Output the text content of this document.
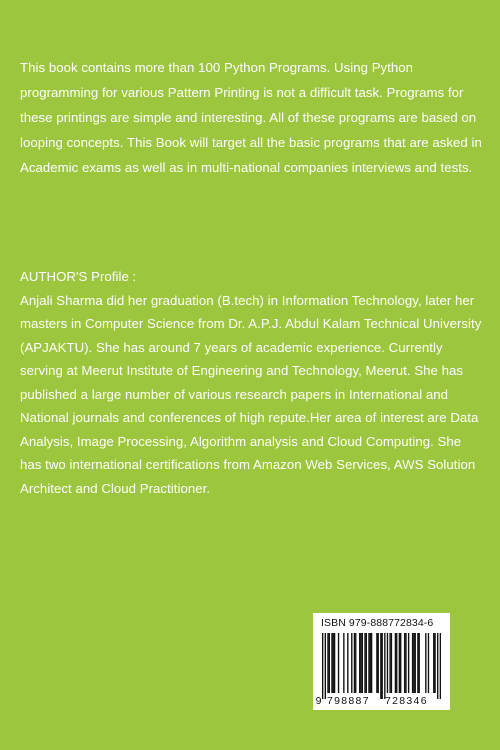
This book contains more than 100 Python Programs. Using Python programming for various Pattern Printing is not a difficult task. Programs for these printings are simple and interesting. All of these programs are based on looping concepts. This Book will target all the basic programs that are asked in Academic exams as well as in multi-national companies interviews and tests.

AUTHOR'S Profile :
Anjali Sharma did her graduation (B.tech) in Information Technology, later her masters in Computer Science from Dr. A.P.J. Abdul Kalam Technical University (APJAKTU). She has around 7 years of academic experience. Currently serving at Meerut Institute of Engineering and Technology, Meerut. She has published a large number of various research papers in International and National journals and conferences of high repute.Her area of interest are Data Analysis, Image Processing, Algorithm analysis and Cloud Computing. She has two international certifications from Amazon Web Services, AWS Solution Architect and Cloud Practitioner.
ISBN 979-888772834-6
9 798887 728346
